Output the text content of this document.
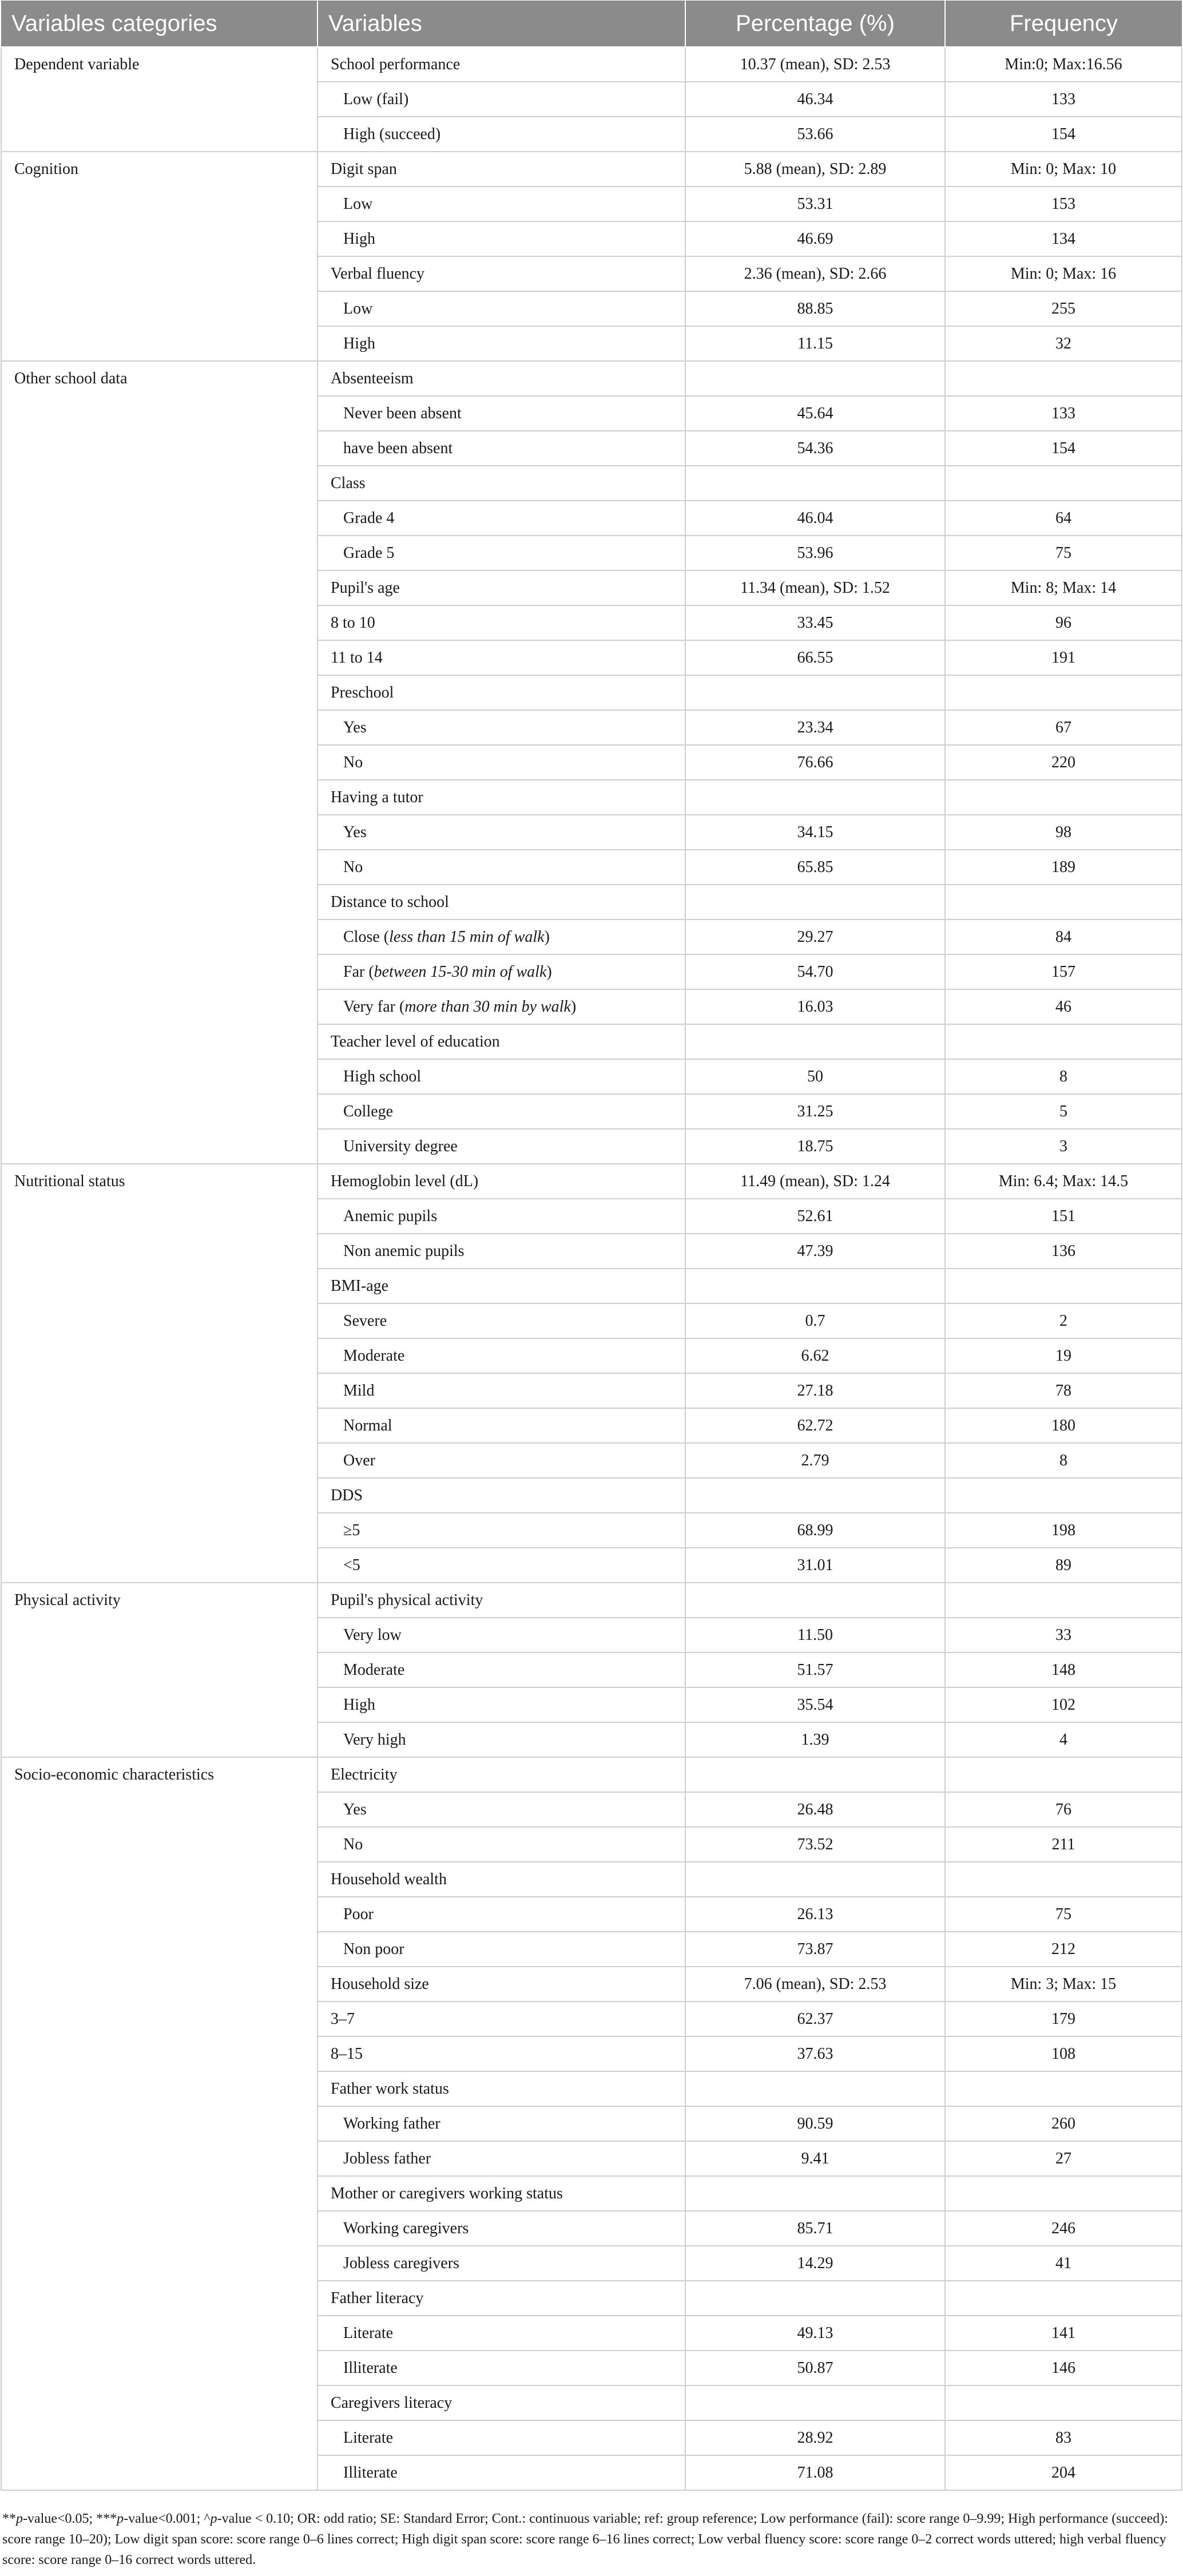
Variables categories	Variables	Percentage (%)	Frequency
Dependent variable	School performance	10.37 (mean), SD: 2.53	Min:0; Max:16.56
	Low (fail)	46.34	133
	High (succeed)	53.66	154
Cognition	Digit span	5.88 (mean), SD: 2.89	Min: 0; Max: 10
	Low	53.31	153
	High	46.69	134
	Verbal fluency	2.36 (mean), SD: 2.66	Min: 0; Max: 16
	Low	88.85	255
	High	11.15	32
Other school data	Absenteeism		
	Never been absent	45.64	133
	have been absent	54.36	154
	Class		
	Grade 4	46.04	64
	Grade 5	53.96	75
	Pupil's age	11.34 (mean), SD: 1.52	Min: 8; Max: 14
	8 to 10	33.45	96
	11 to 14	66.55	191
	Preschool		
	Yes	23.34	67
	No	76.66	220
	Having a tutor		
	Yes	34.15	98
	No	65.85	189
	Distance to school		
	Close (less than 15 min of walk)	29.27	84
	Far (between 15-30 min of walk)	54.70	157
	Very far (more than 30 min by walk)	16.03	46
	Teacher level of education		
	High school	50	8
	College	31.25	5
	University degree	18.75	3
Nutritional status	Hemoglobin level (dL)	11.49 (mean), SD: 1.24	Min: 6.4; Max: 14.5
	Anemic pupils	52.61	151
	Non anemic pupils	47.39	136
	BMI-age		
	Severe	0.7	2
	Moderate	6.62	19
	Mild	27.18	78
	Normal	62.72	180
	Over	2.79	8
	DDS		
	≥5	68.99	198
	<5	31.01	89
Physical activity	Pupil's physical activity		
	Very low	11.50	33
	Moderate	51.57	148
	High	35.54	102
	Very high	1.39	4
Socio-economic characteristics	Electricity		
	Yes	26.48	76
	No	73.52	211
	Household wealth		
	Poor	26.13	75
	Non poor	73.87	212
	Household size	7.06 (mean), SD: 2.53	Min: 3; Max: 15
	3–7	62.37	179
	8–15	37.63	108
	Father work status		
	Working father	90.59	260
	Jobless father	9.41	27
	Mother or caregivers working status		
	Working caregivers	85.71	246
	Jobless caregivers	14.29	41
	Father literacy		
	Literate	49.13	141
	Illiterate	50.87	146
	Caregivers literacy		
	Literate	28.92	83
	Illiterate	71.08	204
**p-value<0.05; ***p-value<0.001; ^p-value < 0.10; OR: odd ratio; SE: Standard Error; Cont.: continuous variable; ref: group reference; Low performance (fail): score range 0–9.99; High performance (succeed): score range 10–20); Low digit span score: score range 0–6 lines correct; High digit span score: score range 6–16 lines correct; Low verbal fluency score: score range 0–2 correct words uttered; high verbal fluency score: score range 0–16 correct words uttered.
